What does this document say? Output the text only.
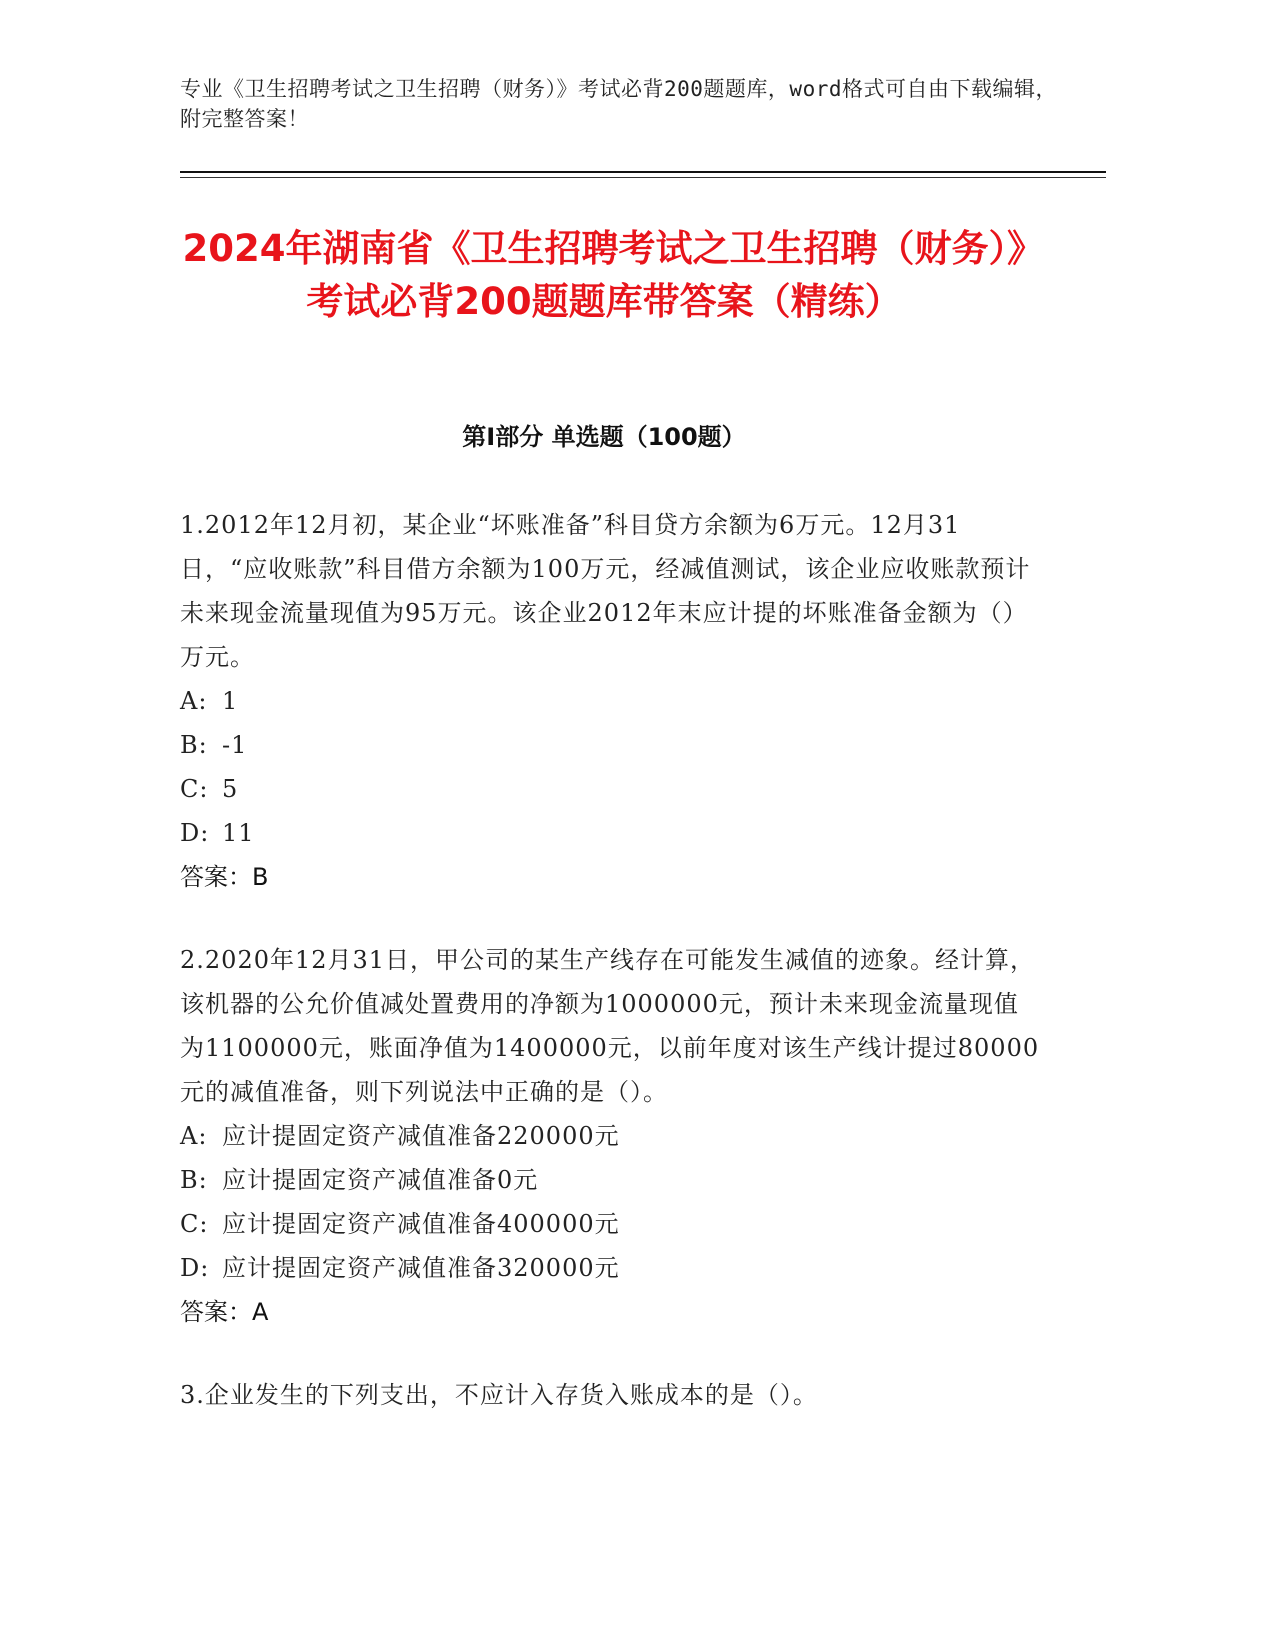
专业《卫生招聘考试之卫生招聘（财务）》考试必背200题题库，word格式可自由下载编辑，附完整答案！
2024年湖南省《卫生招聘考试之卫生招聘（财务）》考试必背200题题库带答案（精练）
第Ⅰ部分 单选题（100题）

1.2012年12月初，某企业“坏账准备”科目贷方余额为6万元。12月31日，“应收账款”科目借方余额为100万元，经减值测试，该企业应收账款预计未来现金流量现值为95万元。该企业2012年末应计提的坏账准备金额为（）万元。

A: 1

B: -1

C: 5

D: 11

答案：B

2.2020年12月31日，甲公司的某生产线存在可能发生减值的迹象。经计算，该机器的公允价值减处置费用的净额为1000000元，预计未来现金流量现值为1100000元，账面净值为1400000元，以前年度对该生产线计提过80000元的减值准备，则下列说法中正确的是（）。

A: 应计提固定资产减值准备220000元

B: 应计提固定资产减值准备0元

C: 应计提固定资产减值准备400000元

D: 应计提固定资产减值准备320000元

答案：A

3.企业发生的下列支出，不应计入存货入账成本的是（）。
